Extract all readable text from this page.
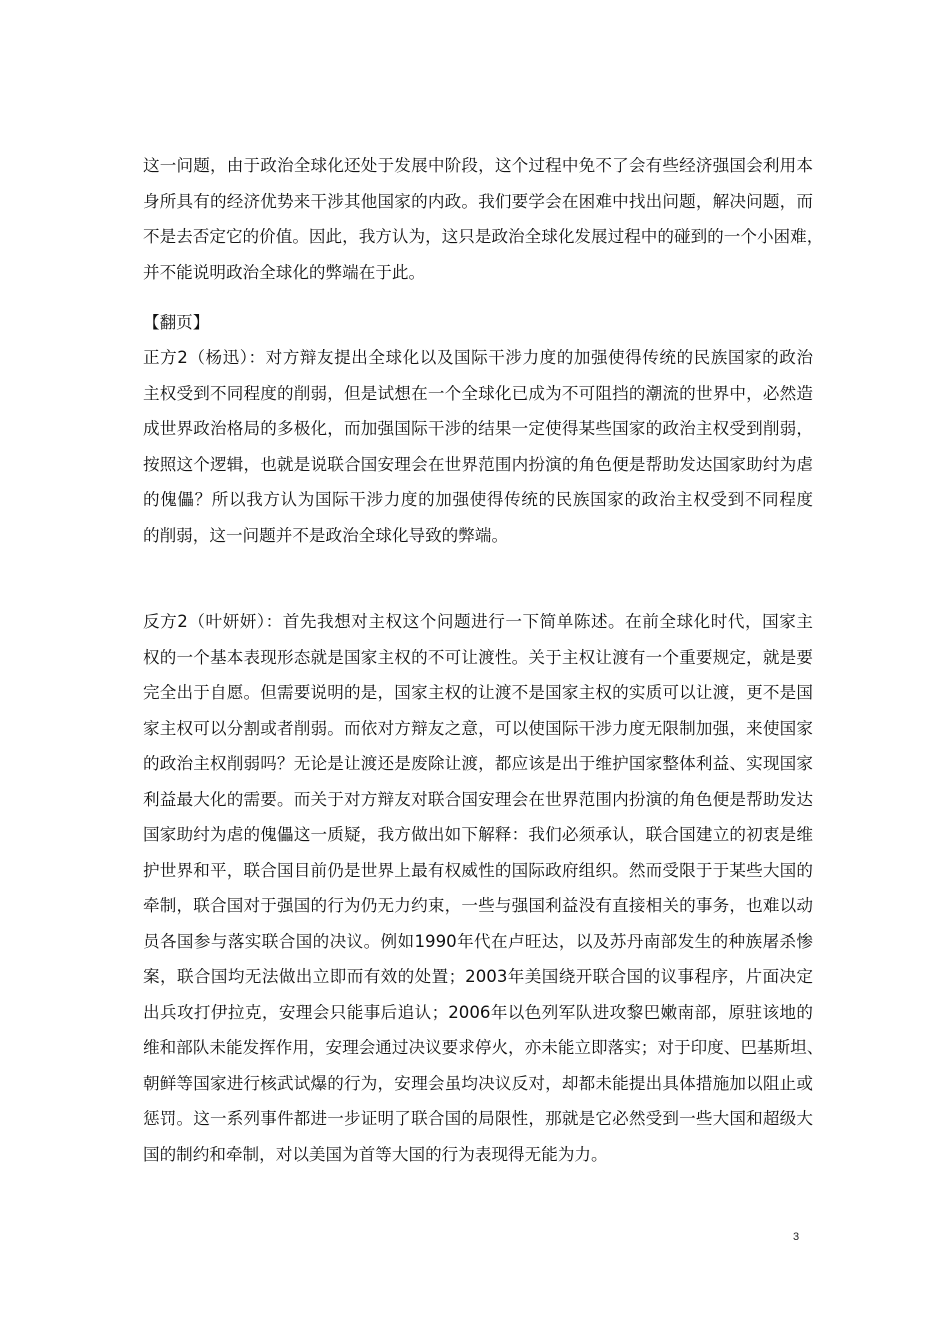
这一问题，由于政治全球化还处于发展中阶段，这个过程中免不了会有些经济强国会利用本
身所具有的经济优势来干涉其他国家的内政。我们要学会在困难中找出问题，解决问题，而
不是去否定它的价值。因此，我方认为，这只是政治全球化发展过程中的碰到的一个小困难，
并不能说明政治全球化的弊端在于此。
【翻页】
正方2（杨迅）：对方辩友提出全球化以及国际干涉力度的加强使得传统的民族国家的政治
主权受到不同程度的削弱，但是试想在一个全球化已成为不可阻挡的潮流的世界中，必然造
成世界政治格局的多极化，而加强国际干涉的结果一定使得某些国家的政治主权受到削弱，
按照这个逻辑，也就是说联合国安理会在世界范围内扮演的角色便是帮助发达国家助纣为虐
的傀儡？所以我方认为国际干涉力度的加强使得传统的民族国家的政治主权受到不同程度
的削弱，这一问题并不是政治全球化导致的弊端。
反方2（叶妍妍）：首先我想对主权这个问题进行一下简单陈述。在前全球化时代，国家主
权的一个基本表现形态就是国家主权的不可让渡性。关于主权让渡有一个重要规定，就是要
完全出于自愿。但需要说明的是，国家主权的让渡不是国家主权的实质可以让渡，更不是国
家主权可以分割或者削弱。而依对方辩友之意，可以使国际干涉力度无限制加强，来使国家
的政治主权削弱吗？无论是让渡还是废除让渡，都应该是出于维护国家整体利益、实现国家
利益最大化的需要。而关于对方辩友对联合国安理会在世界范围内扮演的角色便是帮助发达
国家助纣为虐的傀儡这一质疑，我方做出如下解释：我们必须承认，联合国建立的初衷是维
护世界和平，联合国目前仍是世界上最有权威性的国际政府组织。然而受限于于某些大国的
牵制，联合国对于强国的行为仍无力约束，一些与强国利益没有直接相关的事务，也难以动
员各国参与落实联合国的决议。例如1990年代在卢旺达，以及苏丹南部发生的种族屠杀惨
案，联合国均无法做出立即而有效的处置；2003年美国绕开联合国的议事程序，片面决定
出兵攻打伊拉克，安理会只能事后追认；2006年以色列军队进攻黎巴嫩南部，原驻该地的
维和部队未能发挥作用，安理会通过决议要求停火，亦未能立即落实；对于印度、巴基斯坦、
朝鲜等国家进行核武试爆的行为，安理会虽均决议反对，却都未能提出具体措施加以阻止或
惩罚。这一系列事件都进一步证明了联合国的局限性，那就是它必然受到一些大国和超级大
国的制约和牵制，对以美国为首等大国的行为表现得无能为力。
3
